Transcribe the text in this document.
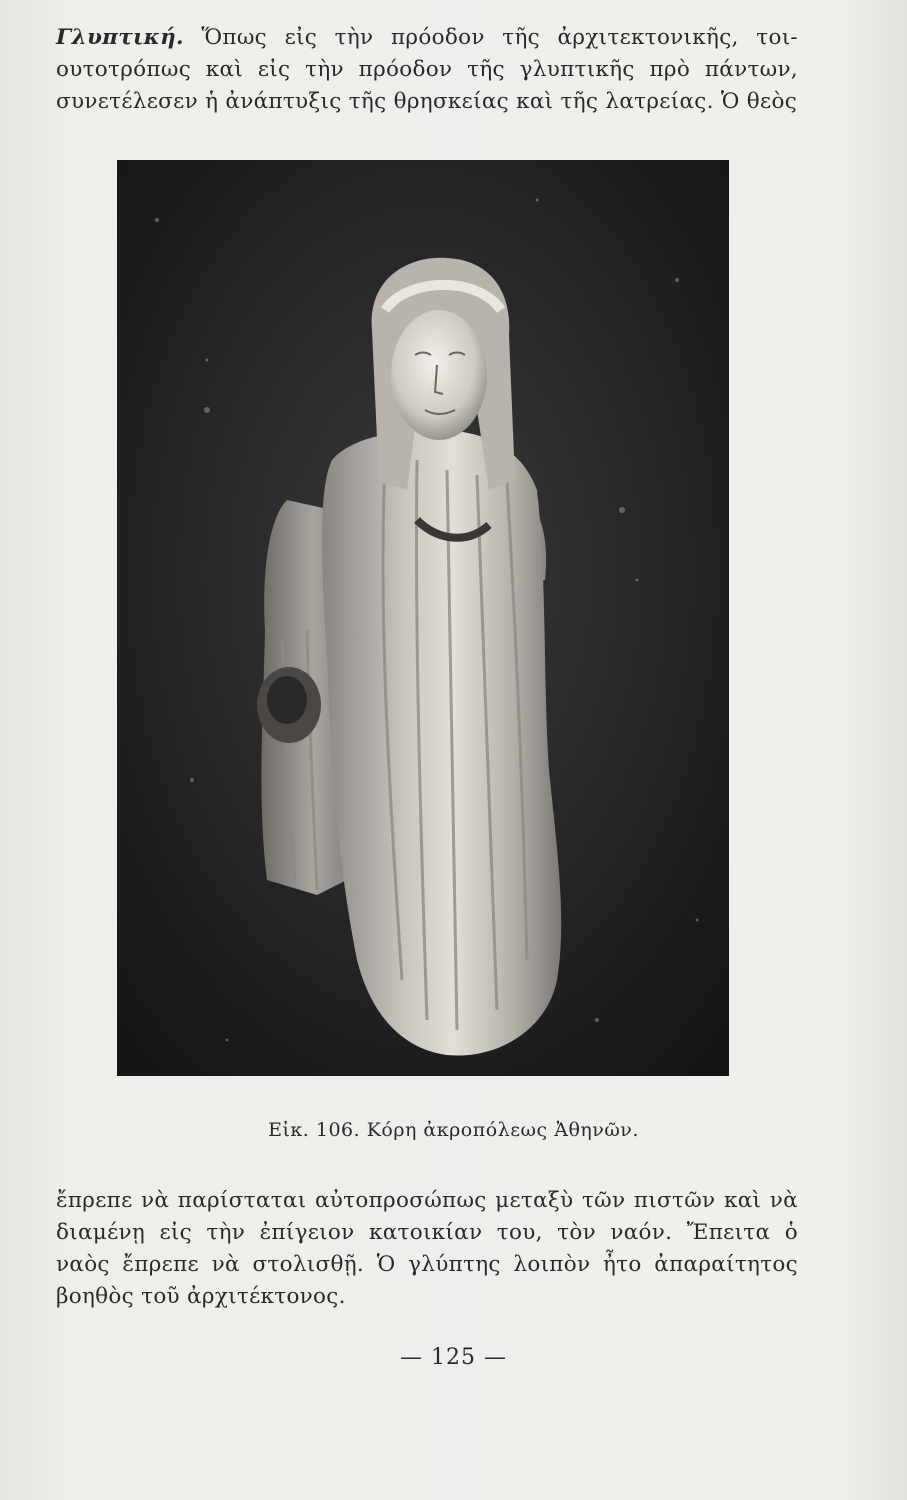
Γλυπτική. Ὅπως εἰς τὴν πρόοδον τῆς ἀρχιτεκτονικῆς, τοι-
ουτοτρόπως καὶ εἰς τὴν πρόοδον τῆς γλυπτικῆς πρὸ πάντων,
συνετέλεσεν ἡ ἀνάπτυξις τῆς θρησκείας καὶ τῆς λατρείας. Ὁ θεὸς
Εἰκ. 106. Κόρη ἀκροπόλεως Ἀθηνῶν.
ἔπρεπε νὰ παρίσταται αὐτοπροσώπως μεταξὺ τῶν πιστῶν καὶ νὰ
διαμένῃ εἰς τὴν ἐπίγειον κατοικίαν του, τὸν ναόν. Ἔπειτα ὁ
ναὸς ἔπρεπε νὰ στολισθῇ. Ὁ γλύπτης λοιπὸν ἦτο ἀπαραίτητος
βοηθὸς τοῦ ἀρχιτέκτονος.
— 125 —
